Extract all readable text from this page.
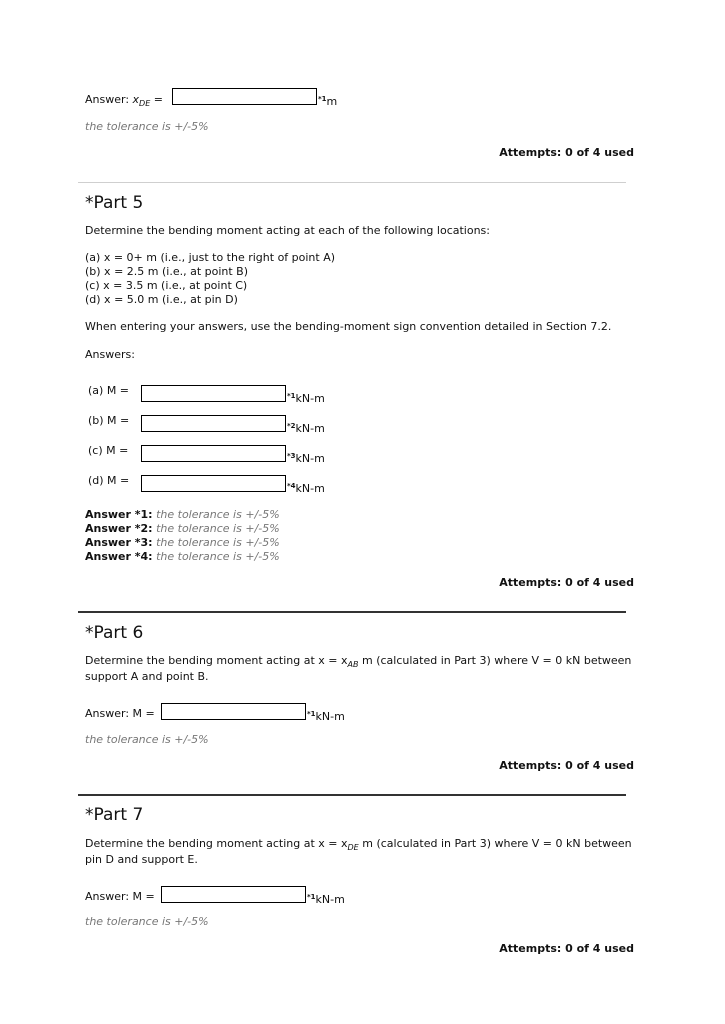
Answer: $x_{DE}$ =	$^{*1}$m
the tolerance is +/-5%
Attempts: 0 of 4 used
*Part 5
Determine the bending moment acting at each of the following locations:
(a) x = 0+ m (i.e., just to the right of point A)
(b) x = 2.5 m (i.e., at point B)
(c) x = 3.5 m (i.e., at point C)
(d) x = 5.0 m (i.e., at pin D)
When entering your answers, use the bending-moment sign convention detailed in Section 7.2.
Answers:
(a) M =	$^{*1}$kN-m
(b) M =	$^{*2}$kN-m
(c) M =	$^{*3}$kN-m
(d) M =	$^{*4}$kN-m
Answer *1: the tolerance is +/-5%
Answer *2: the tolerance is +/-5%
Answer *3: the tolerance is +/-5%
Answer *4: the tolerance is +/-5%
Attempts: 0 of 4 used
*Part 6
Determine the bending moment acting at $x = x_{AB}$ m (calculated in Part 3) where V = 0 kN between
support A and point B.
Answer: M =	$^{*1}$kN-m
the tolerance is +/-5%
Attempts: 0 of 4 used
*Part 7
Determine the bending moment acting at $x = x_{DE}$ m (calculated in Part 3) where V = 0 kN between
pin D and support E.
Answer: M =	$^{*1}$kN-m
the tolerance is +/-5%
Attempts: 0 of 4 used
